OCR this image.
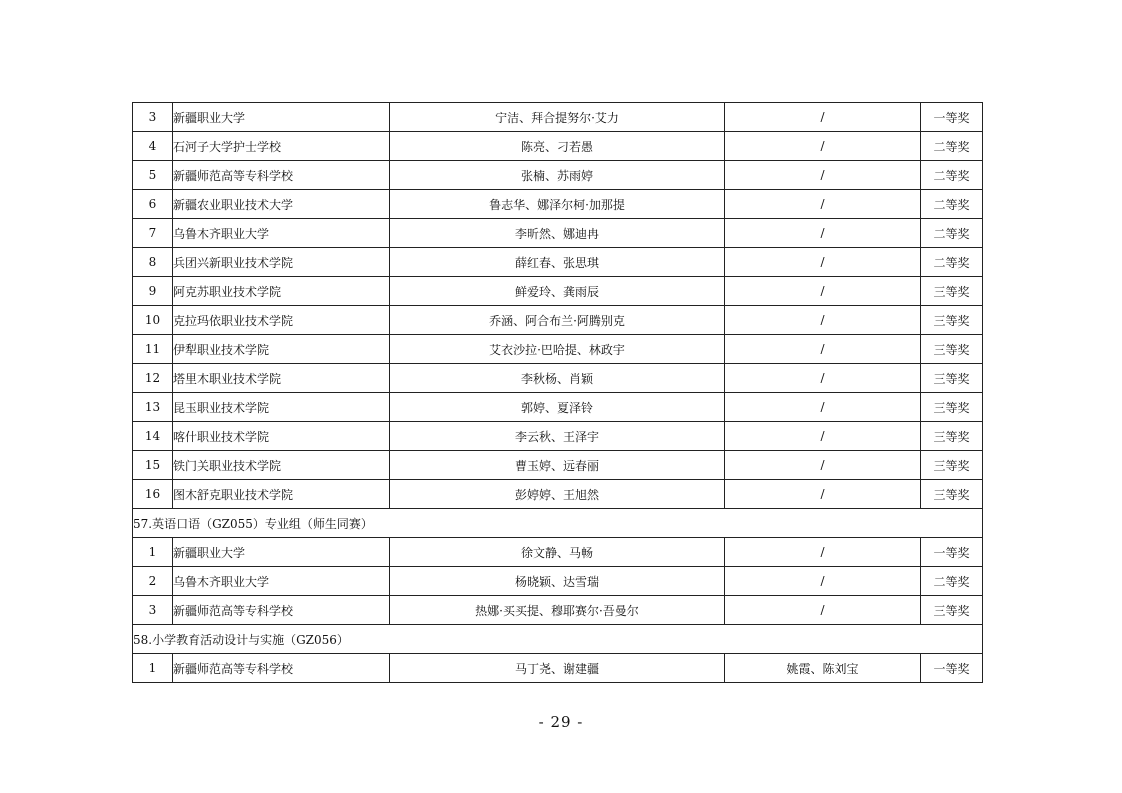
3	新疆职业大学	宁洁、拜合提努尔·艾力	/	一等奖
4	石河子大学护士学校	陈亮、刁若愚	/	二等奖
5	新疆师范高等专科学校	张楠、苏雨婷	/	二等奖
6	新疆农业职业技术大学	鲁志华、娜泽尔柯·加那提	/	二等奖
7	乌鲁木齐职业大学	李昕然、娜迪冉	/	二等奖
8	兵团兴新职业技术学院	薛红春、张思琪	/	二等奖
9	阿克苏职业技术学院	鲜爱玲、龚雨辰	/	三等奖
10	克拉玛依职业技术学院	乔涵、阿合布兰·阿腾别克	/	三等奖
11	伊犁职业技术学院	艾衣沙拉·巴哈提、林政宇	/	三等奖
12	塔里木职业技术学院	李秋杨、肖颖	/	三等奖
13	昆玉职业技术学院	郭婷、夏泽铃	/	三等奖
14	喀什职业技术学院	李云秋、王泽宇	/	三等奖
15	铁门关职业技术学院	曹玉婷、远春丽	/	三等奖
16	图木舒克职业技术学院	彭婷婷、王旭然	/	三等奖
57.英语口语（GZ055）专业组（师生同赛）				
1	新疆职业大学	徐文静、马畅	/	一等奖
2	乌鲁木齐职业大学	杨晓颖、达雪瑞	/	二等奖
3	新疆师范高等专科学校	热娜·买买提、穆耶赛尔·吾曼尔	/	三等奖
58.小学教育活动设计与实施（GZ056）				
1	新疆师范高等专科学校	马丁尧、谢建疆	姚霞、陈刘宝	一等奖
- 29 -
